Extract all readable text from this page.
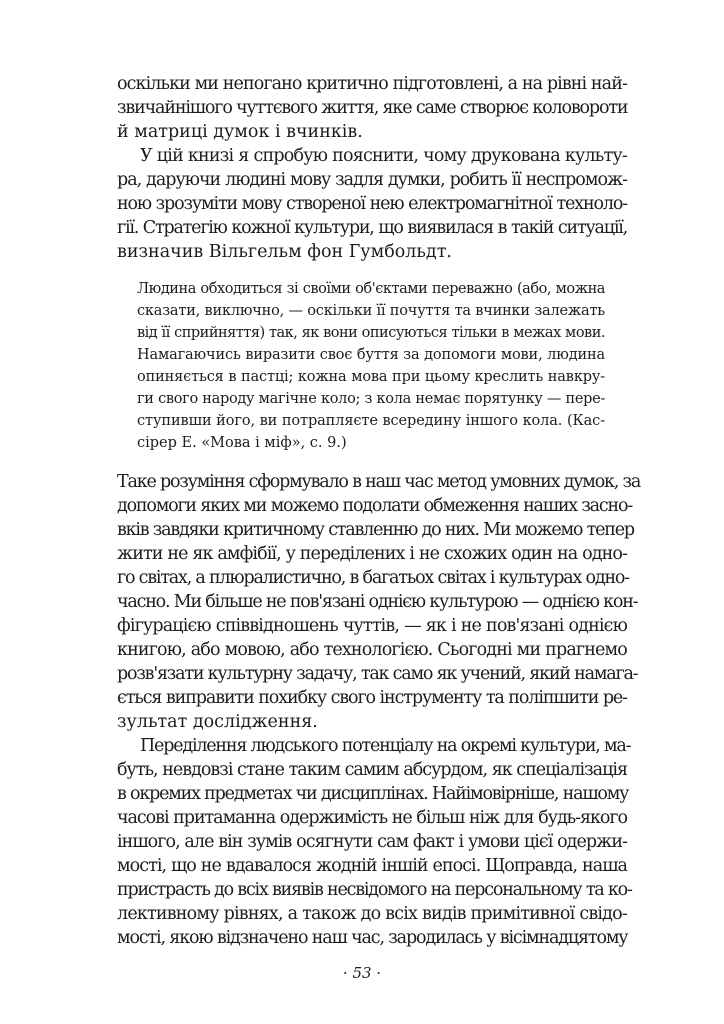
оскільки ми непогано критично підготовлені, а на рівні най-
звичайнішого чуттєвого життя, яке саме створює коловороти
й матриці думок і вчинків.
У цій книзі я спробую пояснити, чому друкована культу-
ра, даруючи людині мову задля думки, робить її неспромож-
ною зрозуміти мову створеної нею електромагнітної техноло-
гії. Стратегію кожної культури, що виявилася в такій ситуації,
визначив Вільгельм фон Гумбольдт.
Людина обходиться зі своїми об'єктами переважно (або, можна
сказати, виключно, — оскільки її почуття та вчинки залежать
від її сприйняття) так, як вони описуються тільки в межах мови.
Намагаючись виразити своє буття за допомоги мови, людина
опиняється в пастці; кожна мова при цьому креслить навкру-
ги свого народу магічне коло; з кола немає порятунку — пере-
ступивши його, ви потрапляєте всередину іншого кола. (Кас-
сірер Е. «Мова і міф», с. 9.)
Таке розуміння сформувало в наш час метод умовних думок, за
допомоги яких ми можемо подолати обмеження наших засно-
вків завдяки критичному ставленню до них. Ми можемо тепер
жити не як амфібії, у переділених і не схожих один на одно-
го світах, а плюралистично, в багатьох світах і культурах одно-
часно. Ми більше не пов'язані однією культурою — однією кон-
фігурацією співвідношень чуттів, — як і не пов'язані однією
книгою, або мовою, або технологією. Сьогодні ми прагнемо
розв'язати культурну задачу, так само як учений, який намага-
ється виправити похибку свого інструменту та поліпшити ре-
зультат дослідження.
Переділення людського потенціалу на окремі культури, ма-
буть, невдовзі стане таким самим абсурдом, як спеціалізація
в окремих предметах чи дисциплінах. Найімовірніше, нашому
часові притаманна одержимість не більш ніж для будь-якого
іншого, але він зумів осягнути сам факт і умови цієї одержи-
мості, що не вдавалося жодній іншій епосі. Щоправда, наша
пристрасть до всіх виявів несвідомого на персональному та ко-
лективному рівнях, а також до всіх видів примітивної свідо-
мості, якою відзначено наш час, зародилась у вісімнадцятому
· 53 ·
